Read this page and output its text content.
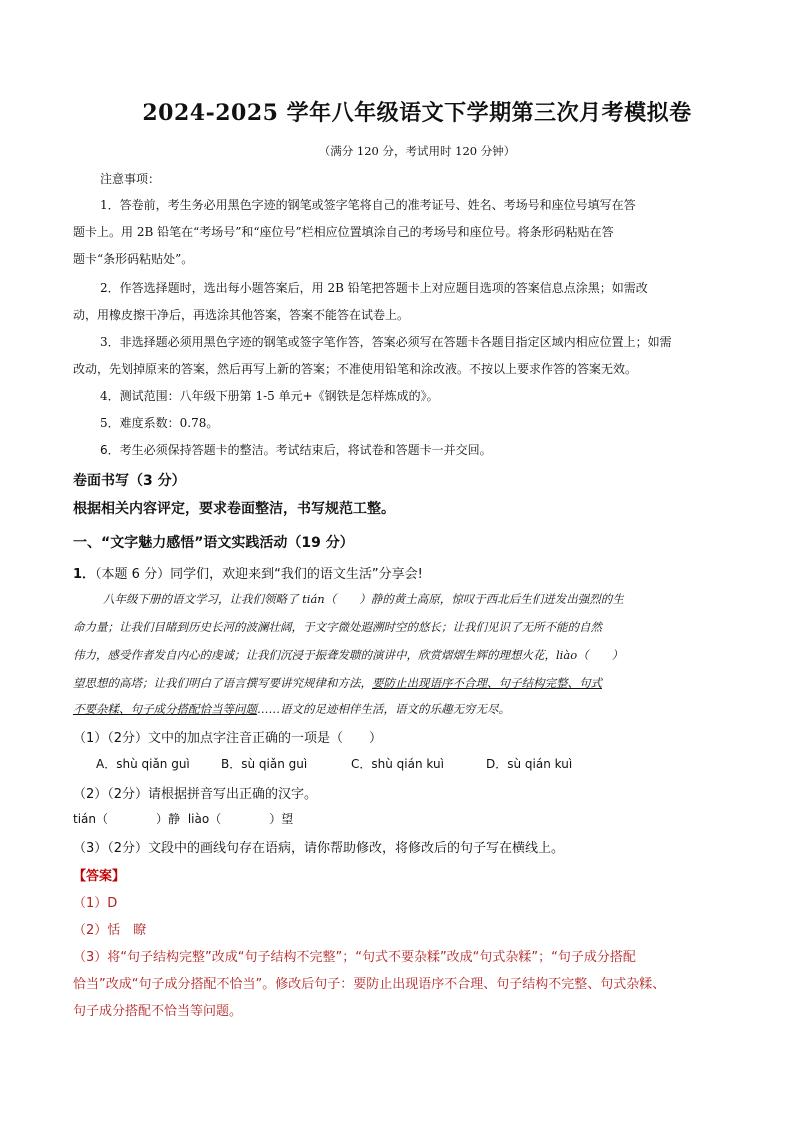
2024-2025 学年八年级语文下学期第三次月考模拟卷
（满分 120 分，考试用时 120 分钟）
注意事项：
1．答卷前，考生务必用黑色字迹的钢笔或签字笔将自己的准考证号、姓名、考场号和座位号填写在答
题卡上。用 2B 铅笔在“考场号”和“座位号”栏相应位置填涂自己的考场号和座位号。将条形码粘贴在答
题卡“条形码粘贴处”。
2．作答选择题时，选出每小题答案后，用 2B 铅笔把答题卡上对应题目选项的答案信息点涂黑；如需改
动，用橡皮擦干净后，再选涂其他答案，答案不能答在试卷上。
3．非选择题必须用黑色字迹的钢笔或签字笔作答，答案必须写在答题卡各题目指定区域内相应位置上；如需
改动，先划掉原来的答案，然后再写上新的答案；不准使用铅笔和涂改液。不按以上要求作答的答案无效。
4．测试范围：八年级下册第 1-5 单元+《钢铁是怎样炼成的》。
5．难度系数：0.78。
6．考生必须保持答题卡的整洁。考试结束后，将试卷和答题卡一并交回。
卷面书写（3 分）
根据相关内容评定，要求卷面整洁，书写规范工整。
一、“文字魅力感悟”语文实践活动（19 分）
1．（本题 6 分）同学们，欢迎来到“我们的语文生活”分享会!
八年级下册的语文学习，让我们领略了 tián（　　）静的黄土高原，惊叹于西北后生们迸发出强烈的生
命力量；让我们目睹到历史长河的波澜壮阔，于文字微处遐溯时空的悠长；让我们见识了无所不能的自然
伟力，感受作者发自内心的虔诚；让我们沉浸于振聋发聩的演讲中，欣赏熠熠生辉的理想火花，liào（　　）
望思想的高塔；让我们明白了语言撰写要讲究规律和方法，要防止出现语序不合理、句子结构完整、句式
不要杂糅、句子成分搭配恰当等问题……语文的足迹相伴生活，语文的乐趣无穷无尽。
（1）（2分）文中的加点字注音正确的一项是（　　）
A．shù qiǎn guì	B．sù qiǎn guì	C．shù qián kuì	D．sù qián kuì
（2）（2分）请根据拼音写出正确的汉字。
tián（　　　　）静 liào（　　　　）望
（3）（2分）文段中的画线句存在语病，请你帮助修改，将修改后的句子写在横线上。
【答案】
（1）D
（2）恬　瞭
（3）将“句子结构完整”改成“句子结构不完整”；“句式不要杂糅”改成“句式杂糅”；“句子成分搭配
恰当”改成“句子成分搭配不恰当”。修改后句子：要防止出现语序不合理、句子结构不完整、句式杂糅、
句子成分搭配不恰当等问题。
